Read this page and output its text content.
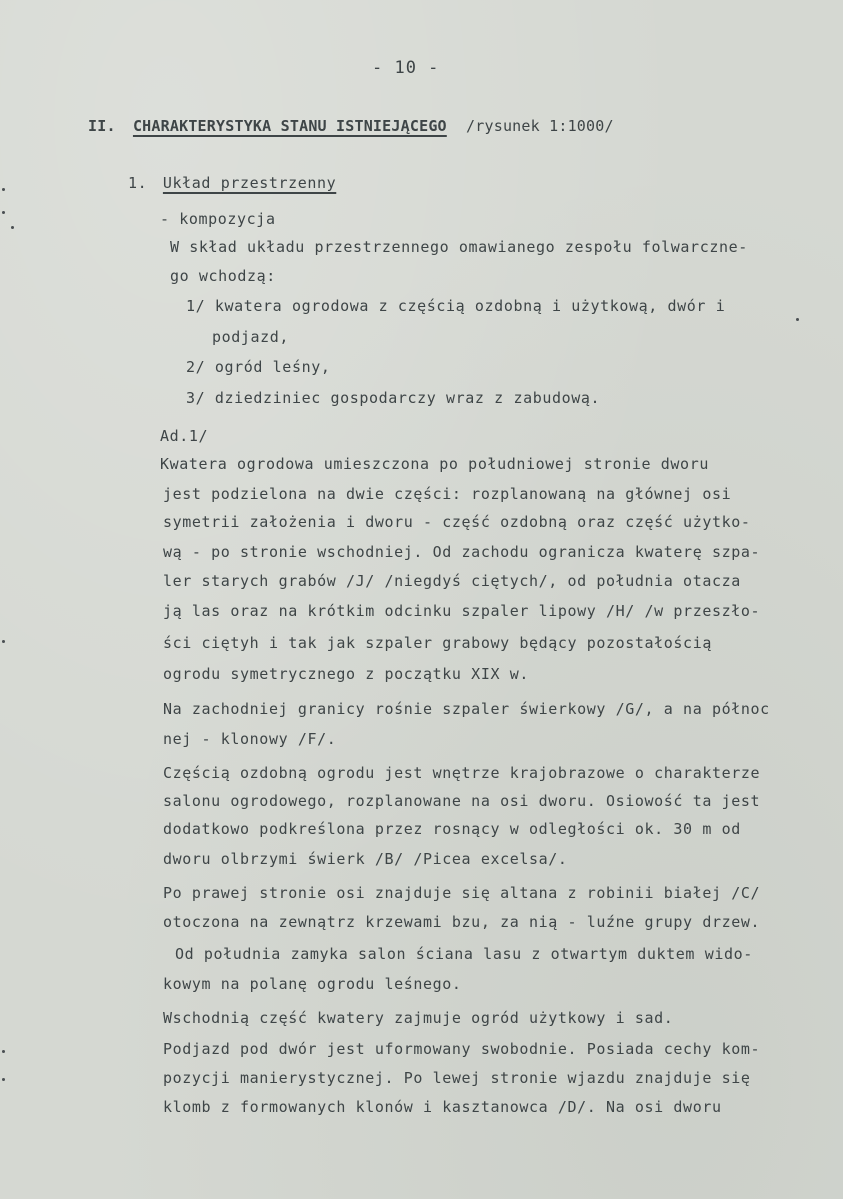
- 10 -
II. CHARAKTERYSTYKA STANU ISTNIEJĄCEGO /rysunek 1:1000/
1. Układ przestrzenny
- kompozycja
W skład układu przestrzennego omawianego zespołu folwarczne-
go wchodzą:
1/ kwatera ogrodowa z częścią ozdobną i użytkową, dwór i
podjazd,
2/ ogród leśny,
3/ dziedziniec gospodarczy wraz z zabudową.
Ad.1/
Kwatera ogrodowa umieszczona po południowej stronie dworu
jest podzielona na dwie części: rozplanowaną na głównej osi
symetrii założenia i dworu - część ozdobną oraz część użytko-
wą - po stronie wschodniej. Od zachodu ogranicza kwaterę szpa-
ler starych grabów /J/ /niegdyś ciętych/, od południa otacza
ją las oraz na krótkim odcinku szpaler lipowy /H/ /w przeszło-
ści ciętyh i tak jak szpaler grabowy będący pozostałością
ogrodu symetrycznego z początku XIX w.
Na zachodniej granicy rośnie szpaler świerkowy /G/, a na północ
nej - klonowy /F/.
Częścią ozdobną ogrodu jest wnętrze krajobrazowe o charakterze
salonu ogrodowego, rozplanowane na osi dworu. Osiowość ta jest
dodatkowo podkreślona przez rosnący w odległości ok. 30 m od
dworu olbrzymi świerk /B/ /Picea excelsa/.
Po prawej stronie osi znajduje się altana z robinii białej /C/
otoczona na zewnątrz krzewami bzu, za nią - luźne grupy drzew.
Od południa zamyka salon ściana lasu z otwartym duktem wido-
kowym na polanę ogrodu leśnego.
Wschodnią część kwatery zajmuje ogród użytkowy i sad.
Podjazd pod dwór jest uformowany swobodnie. Posiada cechy kom-
pozycji manierystycznej. Po lewej stronie wjazdu znajduje się
klomb z formowanych klonów i kasztanowca /D/. Na osi dworu
